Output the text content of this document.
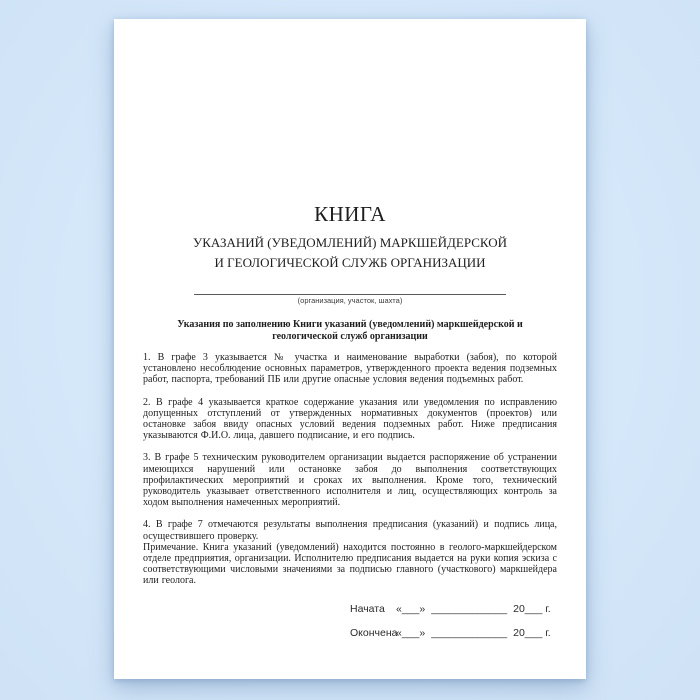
КНИГА
УКАЗАНИЙ (УВЕДОМЛЕНИЙ) МАРКШЕЙДЕРСКОЙ
И ГЕОЛОГИЧЕСКОЙ СЛУЖБ ОРГАНИЗАЦИИ
(организация, участок, шахта)
Указания по заполнению Книги указаний (уведомлений) маркшейдерской и геологической служб организации

1. В графе 3 указывается № участка и наименование выработки (забоя), по которой установлено несоблюдение основных параметров, утвержденного проекта ведения подземных работ, паспорта, требований ПБ или другие опасные условия ведения подъемных работ.

2. В графе 4 указывается краткое содержание указания или уведомления по исправлению допущенных отступлений от утвержденных нормативных документов (проектов) или остановке забоя ввиду опасных условий ведения подземных работ. Ниже предписания указываются Ф.И.О. лица, давшего подписание, и его подпись.

3. В графе 5 техническим руководителем организации выдается распоряжение об устранении имеющихся нарушений или остановке забоя до выполнения соответствующих профилактических мероприятий и сроках их выполнения. Кроме того, технический руководитель указывает ответственного исполнителя и лиц, осуществляющих контроль за ходом выполнения намеченных мероприятий.

4. В графе 7 отмечаются результаты выполнения предписания (указаний) и подпись лица, осуществившего проверку.

Примечание. Книга указаний (уведомлений) находится постоянно в геолого-маркшейдерском отделе предприятия, организации. Исполнителю предписания выдается на руки копия эскиза с соответствующими числовыми значениями за подписью главного (участкового) маркшейдера или геолога.

Начата	«___» _____________ 20___ г.
Окончена
«___» _____________ 20___ г.
